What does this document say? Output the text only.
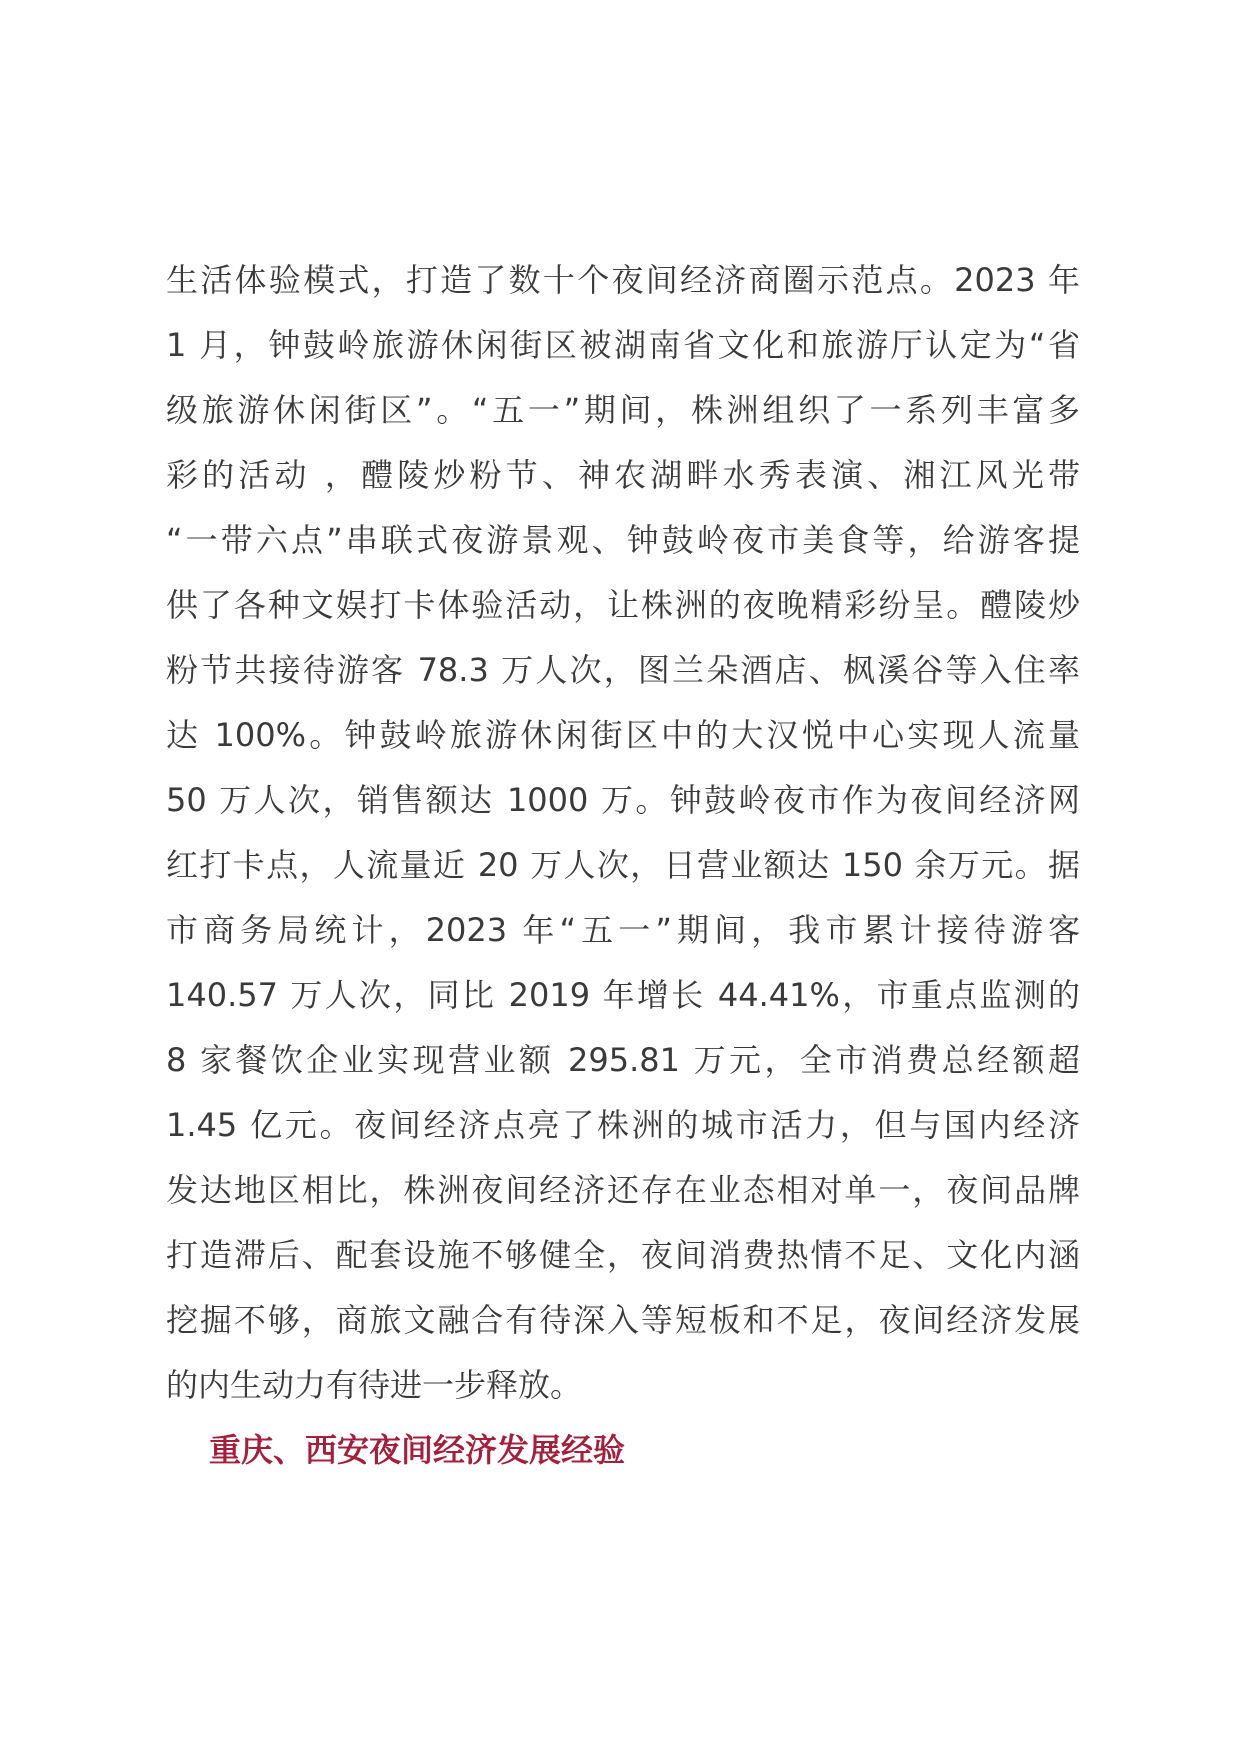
生活体验模式，打造了数十个夜间经济商圈示范点。2023 年
1 月，钟鼓岭旅游休闲街区被湖南省文化和旅游厅认定为“省
级旅游休闲街区”。“五一”期间，株洲组织了一系列丰富多
彩的活动 ，醴陵炒粉节、神农湖畔水秀表演、湘江风光带
“一带六点”串联式夜游景观、钟鼓岭夜市美食等，给游客提
供了各种文娱打卡体验活动，让株洲的夜晚精彩纷呈。醴陵炒
粉节共接待游客 78.3 万人次，图兰朵酒店、枫溪谷等入住率
达 100%。钟鼓岭旅游休闲街区中的大汉悦中心实现人流量
50 万人次，销售额达 1000 万。钟鼓岭夜市作为夜间经济网
红打卡点，人流量近 20 万人次，日营业额达 150 余万元。据
市商务局统计，2023 年“五一”期间，我市累计接待游客
140.57 万人次，同比 2019 年增长 44.41%，市重点监测的
8 家餐饮企业实现营业额 295.81 万元，全市消费总经额超
1.45 亿元。夜间经济点亮了株洲的城市活力，但与国内经济
发达地区相比，株洲夜间经济还存在业态相对单一，夜间品牌
打造滞后、配套设施不够健全，夜间消费热情不足、文化内涵
挖掘不够，商旅文融合有待深入等短板和不足，夜间经济发展
的内生动力有待进一步释放。
重庆、西安夜间经济发展经验
